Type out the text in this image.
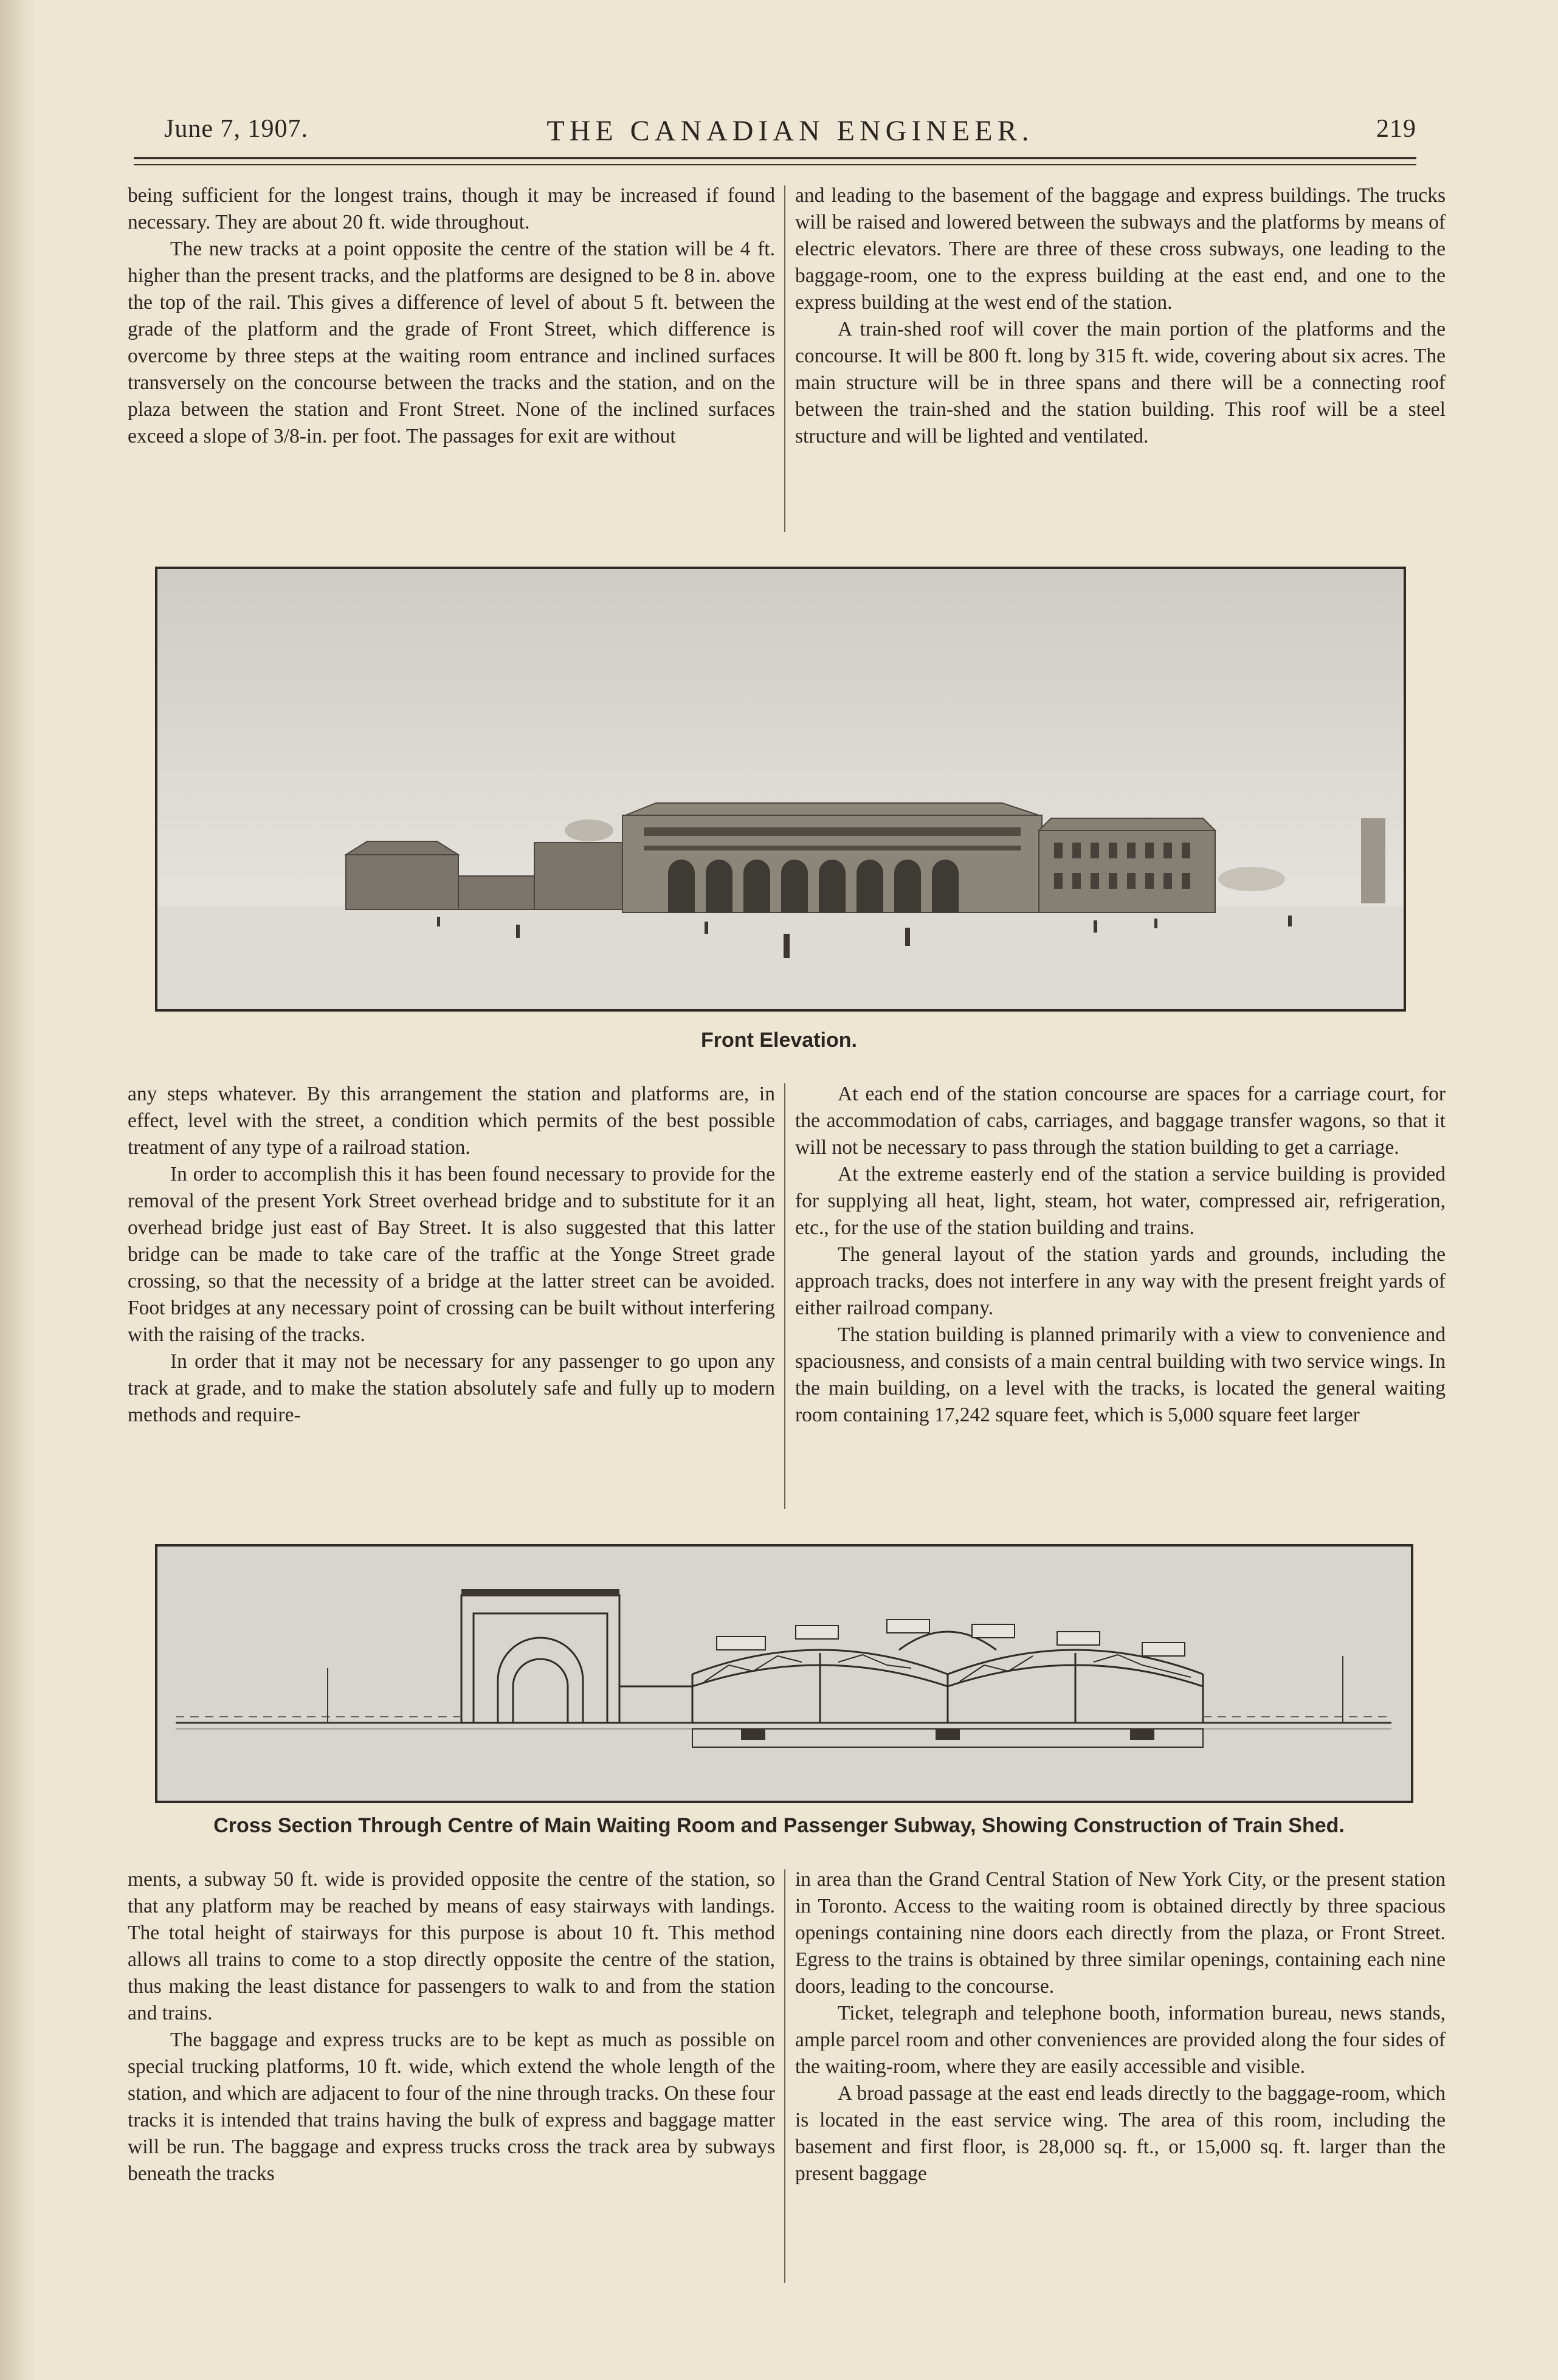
June 7, 1907.	THE CANADIAN ENGINEER.	219

being sufficient for the longest trains, though it may be increased if found necessary. They are about 20 ft. wide throughout.

The new tracks at a point opposite the centre of the station will be 4 ft. higher than the present tracks, and the platforms are designed to be 8 in. above the top of the rail. This gives a difference of level of about 5 ft. between the grade of the platform and the grade of Front Street, which difference is overcome by three steps at the waiting room entrance and inclined surfaces transversely on the concourse between the tracks and the station, and on the plaza between the station and Front Street. None of the inclined surfaces exceed a slope of 3/8-in. per foot. The passages for exit are without

and leading to the basement of the baggage and express buildings. The trucks will be raised and lowered between the subways and the platforms by means of electric elevators. There are three of these cross subways, one leading to the baggage-room, one to the express building at the east end, and one to the express building at the west end of the station.

A train-shed roof will cover the main portion of the platforms and the concourse. It will be 800 ft. long by 315 ft. wide, covering about six acres. The main structure will be in three spans and there will be a connecting roof between the train-shed and the station building. This roof will be a steel structure and will be lighted and ventilated.

Front Elevation.

any steps whatever. By this arrangement the station and platforms are, in effect, level with the street, a condition which permits of the best possible treatment of any type of a railroad station.

In order to accomplish this it has been found necessary to provide for the removal of the present York Street overhead bridge and to substitute for it an overhead bridge just east of Bay Street. It is also suggested that this latter bridge can be made to take care of the traffic at the Yonge Street grade crossing, so that the necessity of a bridge at the latter street can be avoided. Foot bridges at any necessary point of crossing can be built without interfering with the raising of the tracks.

In order that it may not be necessary for any passenger to go upon any track at grade, and to make the station absolutely safe and fully up to modern methods and require-

At each end of the station concourse are spaces for a carriage court, for the accommodation of cabs, carriages, and baggage transfer wagons, so that it will not be necessary to pass through the station building to get a carriage.

At the extreme easterly end of the station a service building is provided for supplying all heat, light, steam, hot water, compressed air, refrigeration, etc., for the use of the station building and trains.

The general layout of the station yards and grounds, including the approach tracks, does not interfere in any way with the present freight yards of either railroad company.

The station building is planned primarily with a view to convenience and spaciousness, and consists of a main central building with two service wings. In the main building, on a level with the tracks, is located the general waiting room containing 17,242 square feet, which is 5,000 square feet larger

Cross Section Through Centre of Main Waiting Room and Passenger Subway, Showing Construction of Train Shed.

ments, a subway 50 ft. wide is provided opposite the centre of the station, so that any platform may be reached by means of easy stairways with landings. The total height of stairways for this purpose is about 10 ft. This method allows all trains to come to a stop directly opposite the centre of the station, thus making the least distance for passengers to walk to and from the station and trains.

The baggage and express trucks are to be kept as much as possible on special trucking platforms, 10 ft. wide, which extend the whole length of the station, and which are adjacent to four of the nine through tracks. On these four tracks it is intended that trains having the bulk of express and baggage matter will be run. The baggage and express trucks cross the track area by subways beneath the tracks

in area than the Grand Central Station of New York City, or the present station in Toronto. Access to the waiting room is obtained directly by three spacious openings containing nine doors each directly from the plaza, or Front Street. Egress to the trains is obtained by three similar openings, containing each nine doors, leading to the concourse.

Ticket, telegraph and telephone booth, information bureau, news stands, ample parcel room and other conveniences are provided along the four sides of the waiting-room, where they are easily accessible and visible.

A broad passage at the east end leads directly to the baggage-room, which is located in the east service wing. The area of this room, including the basement and first floor, is 28,000 sq. ft., or 15,000 sq. ft. larger than the present baggage
